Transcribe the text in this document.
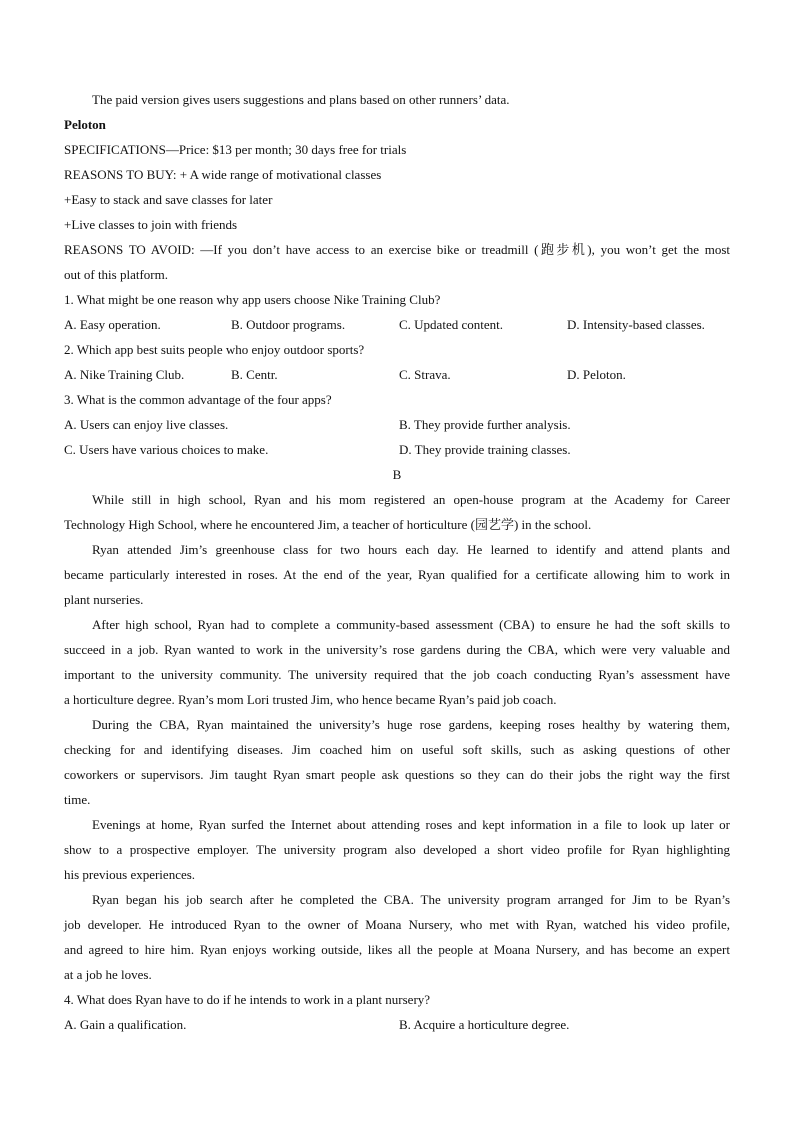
The paid version gives users suggestions and plans based on other runners’ data.
Peloton
SPECIFICATIONS—Price: $13 per month; 30 days free for trials
REASONS TO BUY: + A wide range of motivational classes
+Easy to stack and save classes for later
+Live classes to join with friends
REASONS TO AVOID: —If you don’t have access to an exercise bike or treadmill (跑步机), you won’t get the most
out of this platform.
1. What might be one reason why app users choose Nike Training Club?
A. Easy operation.	B. Outdoor programs.	C. Updated content.	D. Intensity-based classes.
2. Which app best suits people who enjoy outdoor sports?
A. Nike Training Club.	B. Centr.	C. Strava.	D. Peloton.
3. What is the common advantage of the four apps?
A. Users can enjoy live classes.	B. They provide further analysis.
C. Users have various choices to make.	D. They provide training classes.
B
While still in high school, Ryan and his mom registered an open-house program at the Academy for Career
Technology High School, where he encountered Jim, a teacher of horticulture (园艺学) in the school.
Ryan attended Jim’s greenhouse class for two hours each day. He learned to identify and attend plants and
became particularly interested in roses. At the end of the year, Ryan qualified for a certificate allowing him to work in
plant nurseries.
After high school, Ryan had to complete a community-based assessment (CBA) to ensure he had the soft skills to
succeed in a job. Ryan wanted to work in the university’s rose gardens during the CBA, which were very valuable and
important to the university community. The university required that the job coach conducting Ryan’s assessment have
a horticulture degree. Ryan’s mom Lori trusted Jim, who hence became Ryan’s paid job coach.
During the CBA, Ryan maintained the university’s huge rose gardens, keeping roses healthy by watering them,
checking for and identifying diseases. Jim coached him on useful soft skills, such as asking questions of other
coworkers or supervisors. Jim taught Ryan smart people ask questions so they can do their jobs the right way the first
time.
Evenings at home, Ryan surfed the Internet about attending roses and kept information in a file to look up later or
show to a prospective employer. The university program also developed a short video profile for Ryan highlighting
his previous experiences.
Ryan began his job search after he completed the CBA. The university program arranged for Jim to be Ryan’s
job developer. He introduced Ryan to the owner of Moana Nursery, who met with Ryan, watched his video profile,
and agreed to hire him. Ryan enjoys working outside, likes all the people at Moana Nursery, and has become an expert
at a job he loves.
4. What does Ryan have to do if he intends to work in a plant nursery?
A. Gain a qualification.	B. Acquire a horticulture degree.
